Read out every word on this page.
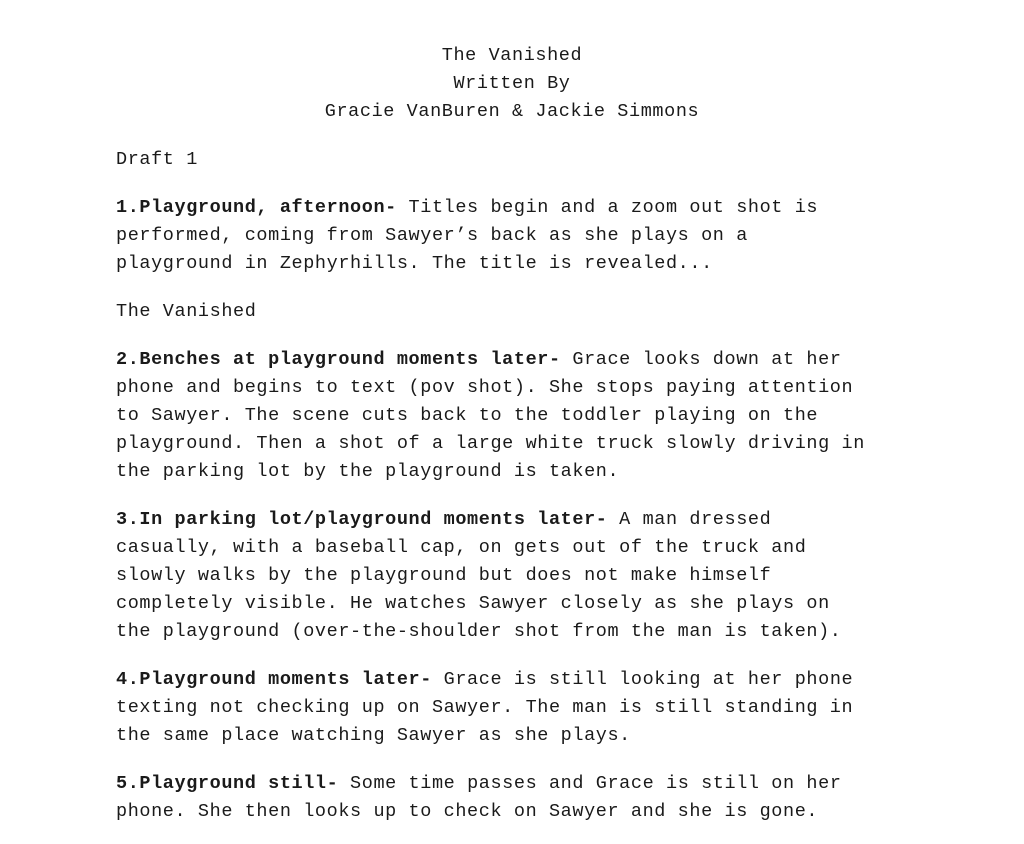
The Vanished
Written By
Gracie VanBuren & Jackie Simmons
Draft 1
1.Playground, afternoon- Titles begin and a zoom out shot is
performed, coming from Sawyer’s back as she plays on a
playground in Zephyrhills. The title is revealed...
The Vanished
2.Benches at playground moments later- Grace looks down at her
phone and begins to text (pov shot). She stops paying attention
to Sawyer. The scene cuts back to the toddler playing on the
playground. Then a shot of a large white truck slowly driving in
the parking lot by the playground is taken.
3.In parking lot/playground moments later- A man dressed
casually, with a baseball cap, on gets out of the truck and
slowly walks by the playground but does not make himself
completely visible. He watches Sawyer closely as she plays on
the playground (over-the-shoulder shot from the man is taken).
4.Playground moments later- Grace is still looking at her phone
texting not checking up on Sawyer. The man is still standing in
the same place watching Sawyer as she plays.
5.Playground still- Some time passes and Grace is still on her
phone. She then looks up to check on Sawyer and she is gone.
